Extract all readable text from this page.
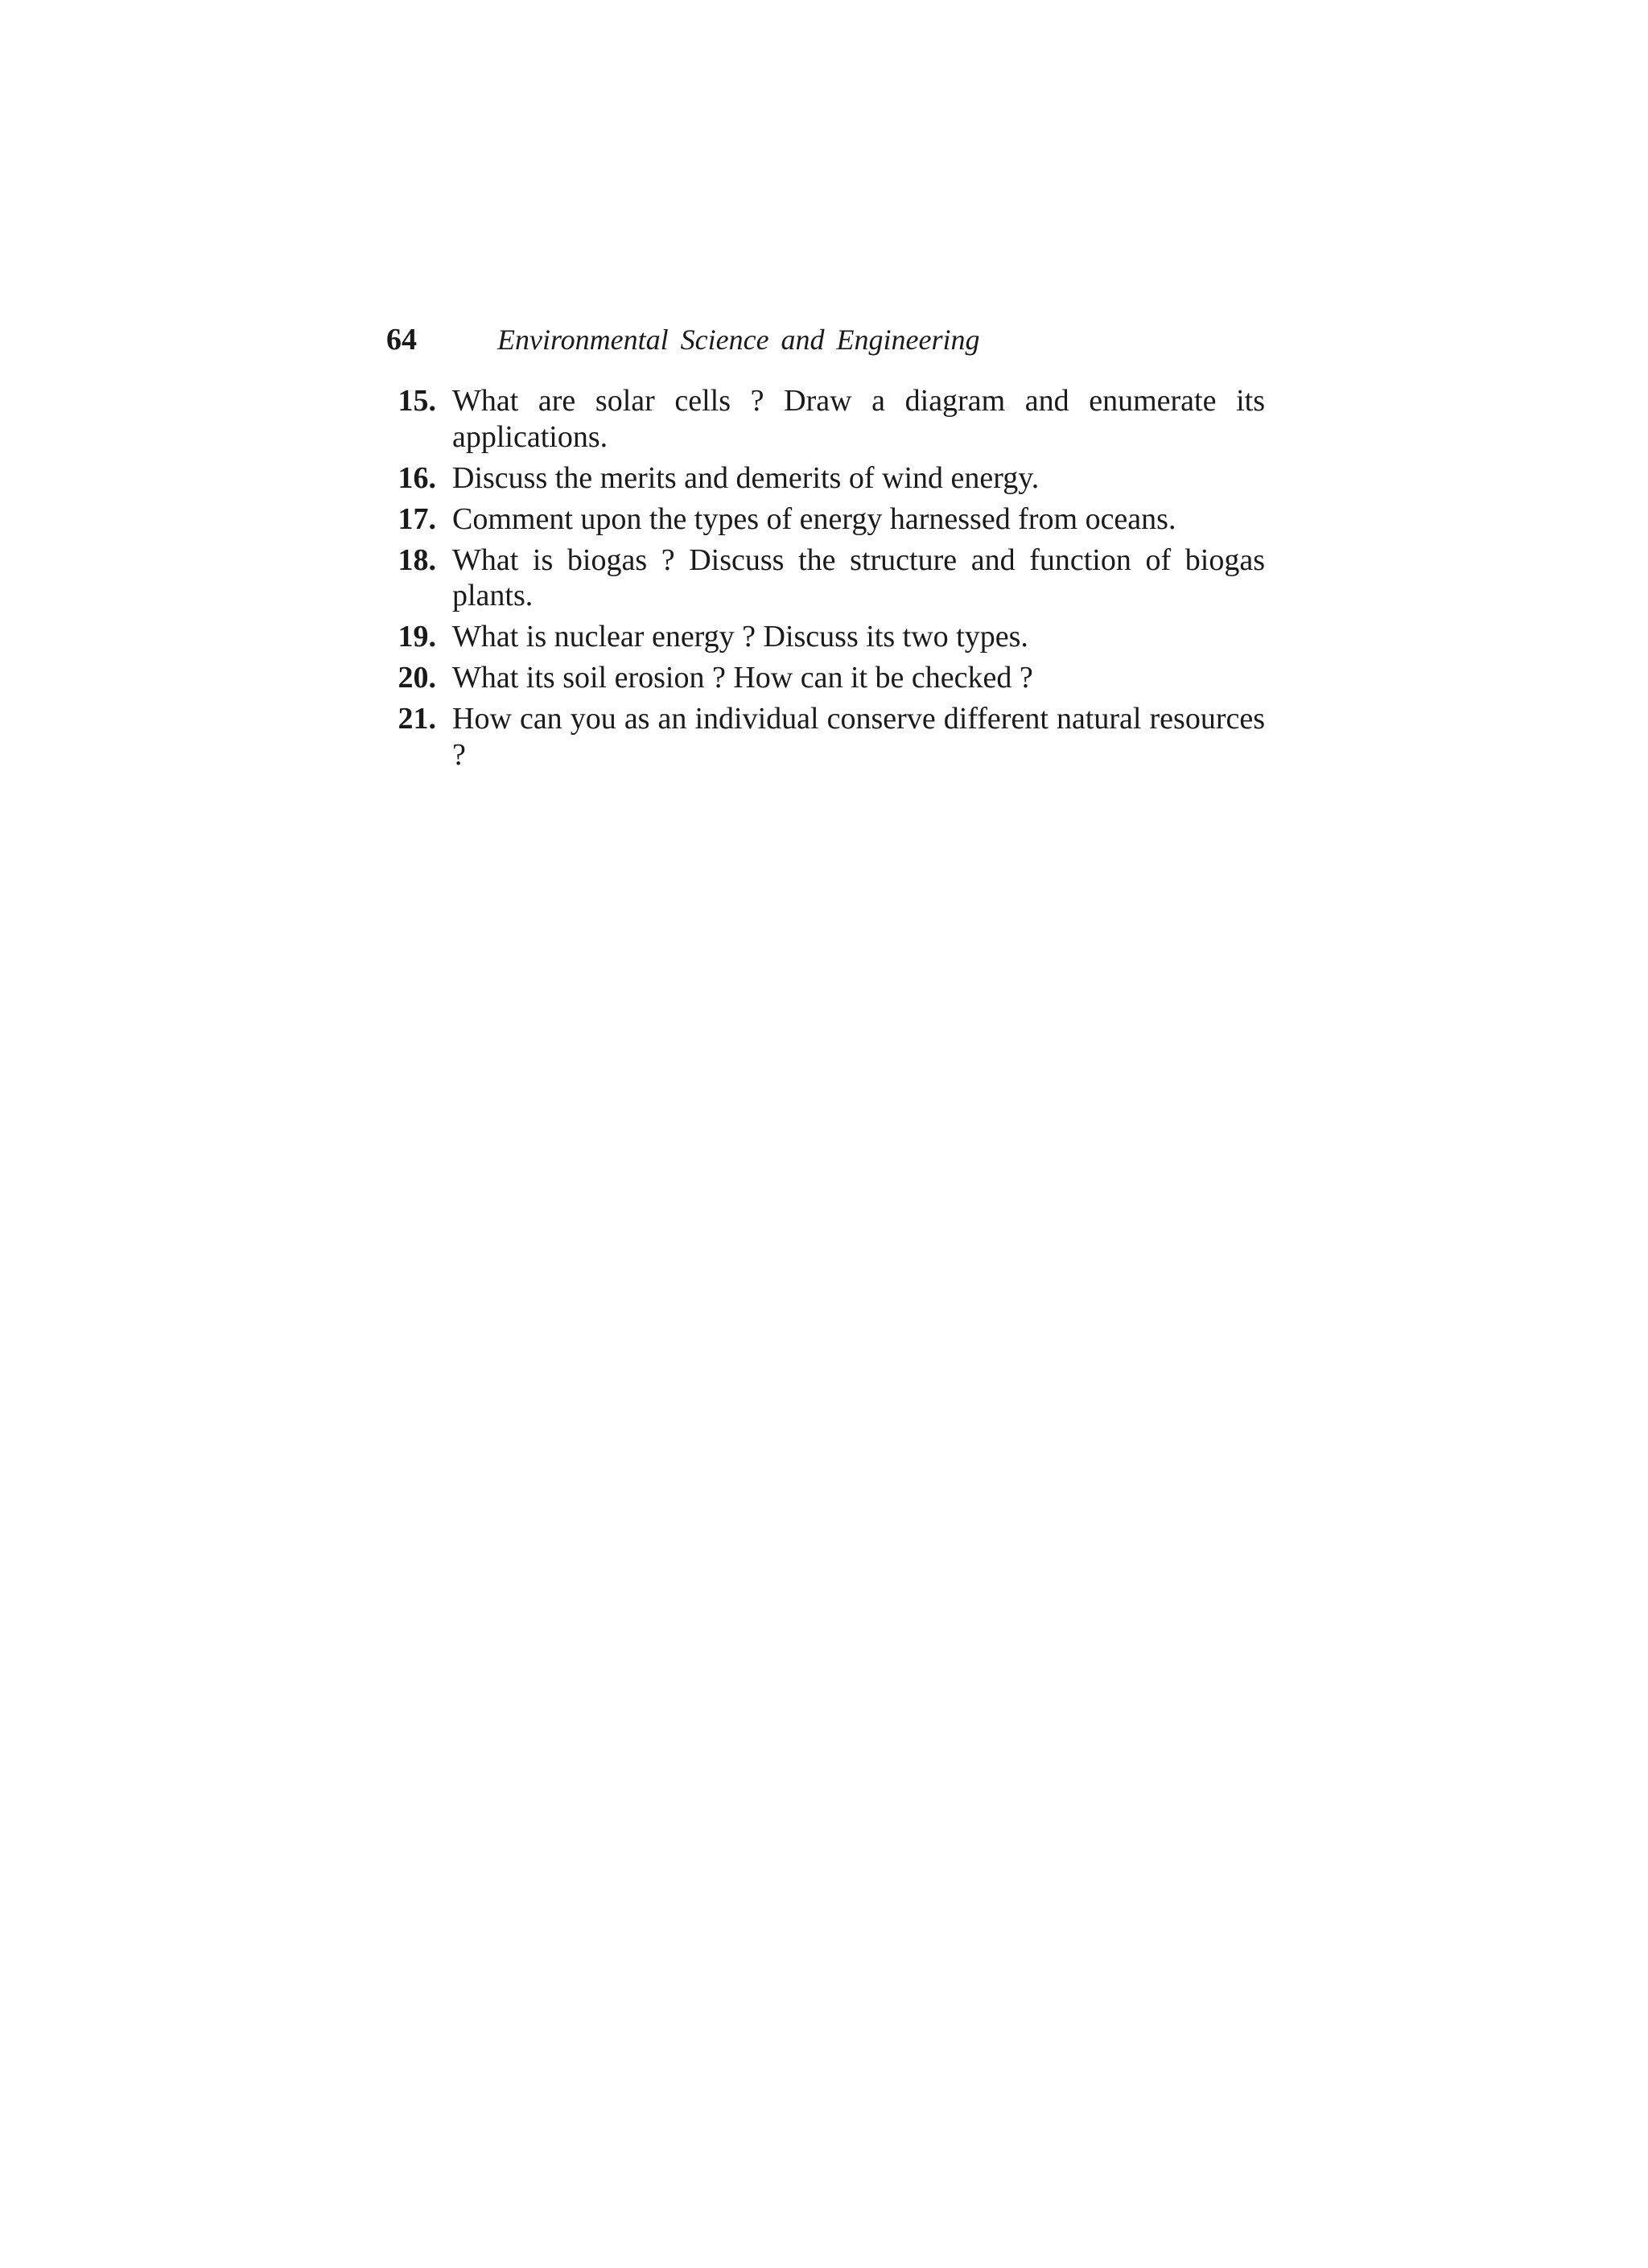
64	Environmental Science and Engineering
15. What are solar cells ? Draw a diagram and enumerate its applications.
16. Discuss the merits and demerits of wind energy.
17. Comment upon the types of energy harnessed from oceans.
18. What is biogas ? Discuss the structure and function of biogas plants.
19. What is nuclear energy ? Discuss its two types.
20. What its soil erosion ? How can it be checked ?
21. How can you as an individual conserve different natural resources ?
